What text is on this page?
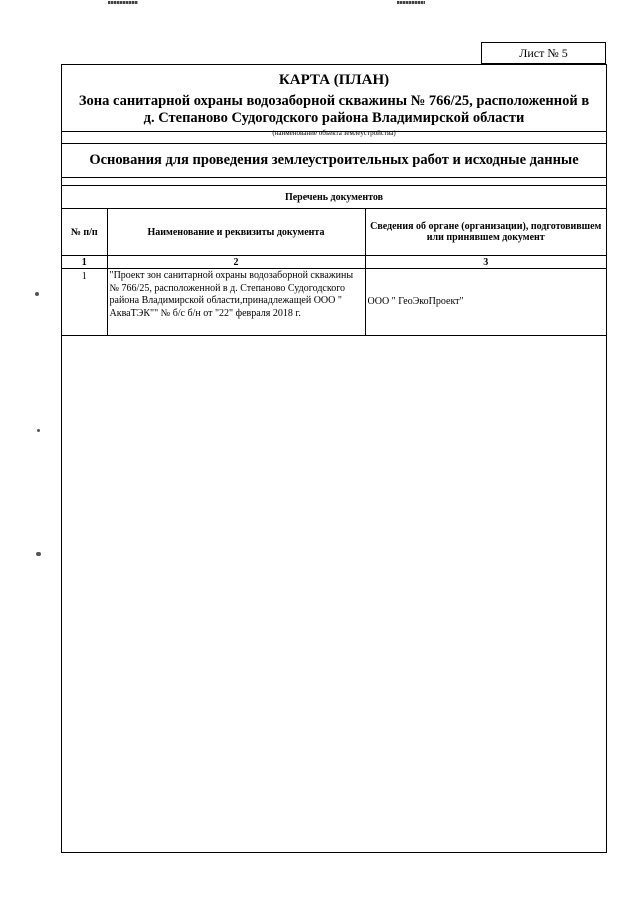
Лист № 5
КАРТА (ПЛАН)
Зона санитарной охраны водозаборной скважины № 766/25, расположенной в
д. Степаново Судогодского района Владимирской области
(наименование объекта землеустройства)
Основания для проведения землеустроительных работ и исходные данные
Перечень документов
№ п/п	Наименование и реквизиты документа	Сведения об органе (организации), подготовившем или принявшем документ
1	2	3
1	"Проект зон санитарной охраны водозаборной скважины № 766/25, расположенной в д. Степаново Судогодского района Владимирской области,принадлежащей ООО " АкваТЭК"" № б/с б/н от "22" февраля 2018 г.	ООО " ГеоЭкоПроект"
